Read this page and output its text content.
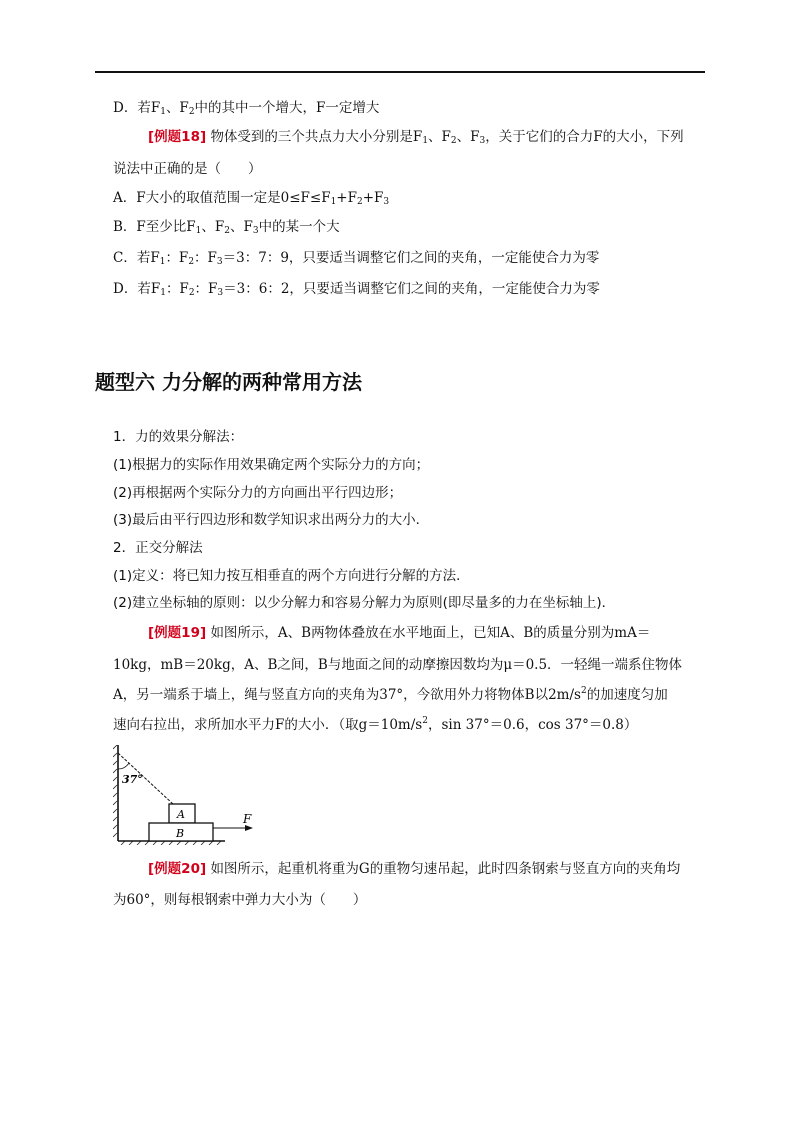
D．若$F_1$、$F_2$中的其中一个增大，F一定增大
[例题18] 物体受到的三个共点力大小分别是$F_1$、$F_2$、$F_3$，关于它们的合力F的大小，下列
说法中正确的是（　　）
A．F大小的取值范围一定是$0\le F\le F_1+F_2+F_3$
B．F至少比$F_1$、$F_2$、$F_3$中的某一个大
C．若$F_1$：$F_2$：$F_3=3$：7：9，只要适当调整它们之间的夹角，一定能使合力为零
D．若$F_1$：$F_2$：$F_3=3$：6：2，只要适当调整它们之间的夹角，一定能使合力为零
题型六 力分解的两种常用方法
1．力的效果分解法：
(1)根据力的实际作用效果确定两个实际分力的方向；
(2)再根据两个实际分力的方向画出平行四边形；
(3)最后由平行四边形和数学知识求出两分力的大小．
2．正交分解法
(1)定义：将已知力按互相垂直的两个方向进行分解的方法．
(2)建立坐标轴的原则：以少分解力和容易分解力为原则(即尽量多的力在坐标轴上)．
[例题19] 如图所示，A、B两物体叠放在水平地面上，已知A、B的质量分别为mA＝
10kg，mB＝20kg，A、B之间，B与地面之间的动摩擦因数均为μ＝0.5．一轻绳一端系住物体
A，另一端系于墙上，绳与竖直方向的夹角为37°，今欲用外力将物体B以$2m/s^2$的加速度匀加
速向右拉出，求所加水平力F的大小．（取$g=10m/s^2$，sin 37°＝0.6，cos 37°＝0.8）
37°
A
B
F
[例题20] 如图所示，起重机将重为G的重物匀速吊起，此时四条钢索与竖直方向的夹角均
为60°，则每根钢索中弹力大小为（　　）
